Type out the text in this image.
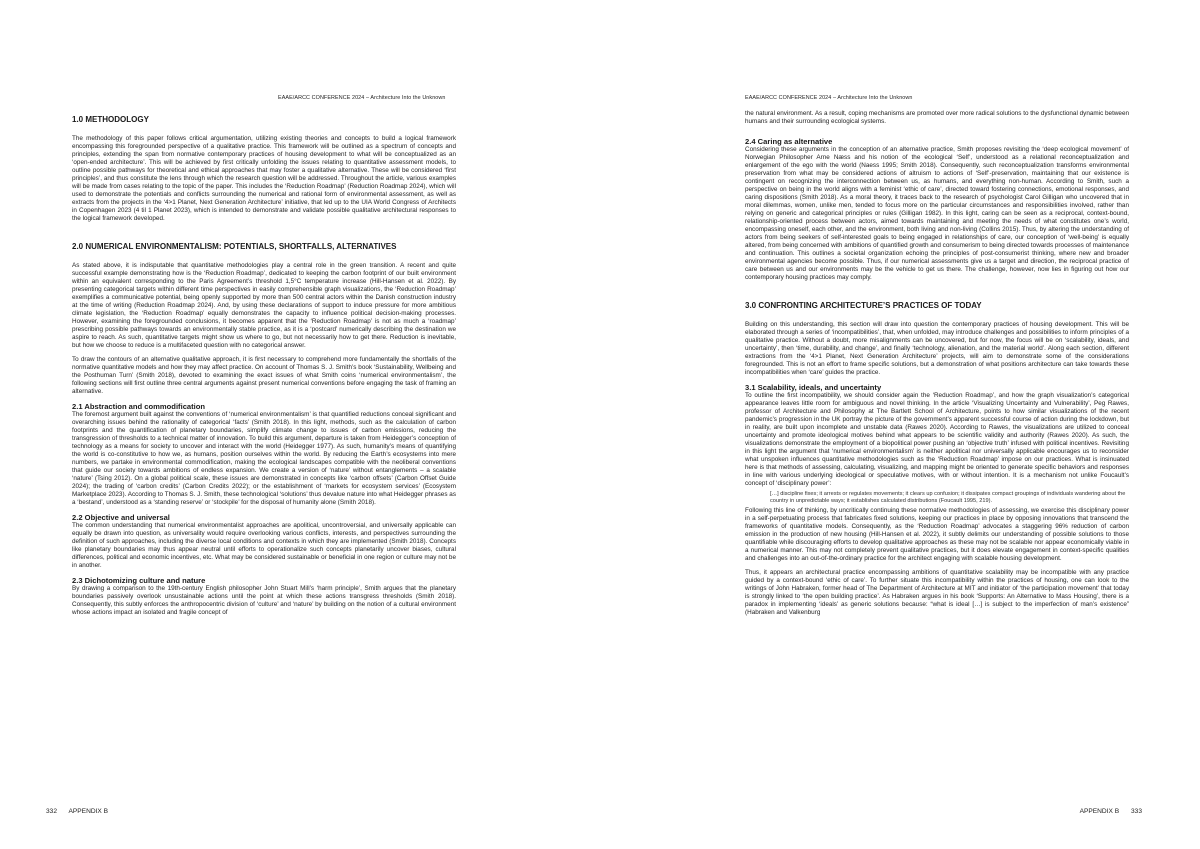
EAAE/ARCC CONFERENCE 2024 – Architecture Into the Unknown

1.0 METHODOLOGY

The methodology of this paper follows critical argumentation, utilizing existing theories and concepts to build a logical framework encompassing this foregrounded perspective of a qualitative practice. This framework will be outlined as a spectrum of concepts and principles, extending the span from normative contemporary practices of housing development to what will be conceptualized as an ‘open-ended architecture’. This will be achieved by first critically unfolding the issues relating to quantitative assessment models, to outline possible pathways for theoretical and ethical approaches that may foster a qualitative alternative. These will be considered ‘first principles’, and thus constitute the lens through which the research question will be addressed. Throughout the article, various examples will be made from cases relating to the topic of the paper. This includes the ‘Reduction Roadmap’ (Reduction Roadmap 2024), which will used to demonstrate the potentials and conflicts surrounding the numerical and rational form of environmental assessment, as well as extracts from the projects in the ‘4>1 Planet, Next Generation Architecture’ initiative, that led up to the UIA World Congress of Architects in Copenhagen 2023 (4 til 1 Planet 2023), which is intended to demonstrate and validate possible qualitative architectural responses to the logical framework developed.

2.0 NUMERICAL ENVIRONMENTALISM: POTENTIALS, SHORTFALLS, ALTERNATIVES

As stated above, it is indisputable that quantitative methodologies play a central role in the green transition. A recent and quite successful example demonstrating how is the ‘Reduction Roadmap’, dedicated to keeping the carbon footprint of our built environment within an equivalent corresponding to the Paris Agreement’s threshold 1,5°C temperature increase (Hill-Hansen et al. 2022). By presenting categorical targets within different time perspectives in easily comprehensible graph visualizations, the ‘Reduction Roadmap’ exemplifies a communicative potential, being openly supported by more than 500 central actors within the Danish construction industry at the time of writing (Reduction Roadmap 2024). And, by using these declarations of support to induce pressure for more ambitious climate legislation, the ‘Reduction Roadmap’ equally demonstrates the capacity to influence political decision-making processes. However, examining the foregrounded conclusions, it becomes apparent that the ‘Reduction Roadmap’ is not as much a ‘roadmap’ prescribing possible pathways towards an environmentally stable practice, as it is a ‘postcard’ numerically describing the destination we aspire to reach. As such, quantitative targets might show us where to go, but not necessarily how to get there. Reduction is inevitable, but how we choose to reduce is a multifaceted question with no categorical answer.

To draw the contours of an alternative qualitative approach, it is first necessary to comprehend more fundamentally the shortfalls of the normative quantitative models and how they may affect practice. On account of Thomas S. J. Smith’s book ‘Sustainability, Wellbeing and the Posthuman Turn’ (Smith 2018), devoted to examining the exact issues of what Smith coins ‘numerical environmentalism’, the following sections will first outline three central arguments against present numerical conventions before engaging the task of framing an alternative.

2.1 Abstraction and commodification

The foremost argument built against the conventions of ‘numerical environmentalism’ is that quantified reductions conceal significant and overarching issues behind the rationality of categorical ‘facts’ (Smith 2018). In this light, methods, such as the calculation of carbon footprints and the quantification of planetary boundaries, simplify climate change to issues of carbon emissions, reducing the transgression of thresholds to a technical matter of innovation. To build this argument, departure is taken from Heidegger’s conception of technology as a means for society to uncover and interact with the world (Heidegger 1977). As such, humanity’s means of quantifying the world is co-constitutive to how we, as humans, position ourselves within the world. By reducing the Earth’s ecosystems into mere numbers, we partake in environmental commodification, making the ecological landscapes compatible with the neoliberal conventions that guide our society towards ambitions of endless expansion. We create a version of ‘nature’ without entanglements – a scalable ‘nature’ (Tsing 2012). On a global political scale, these issues are demonstrated in concepts like ‘carbon offsets’ (Carbon Offset Guide 2024); the trading of ‘carbon credits’ (Carbon Credits 2022); or the establishment of ‘markets for ecosystem services’ (Ecosystem Marketplace 2023). According to Thomas S. J. Smith, these technological ‘solutions’ thus devalue nature into what Heidegger phrases as a ‘bestand’, understood as a ‘standing reserve’ or ‘stockpile’ for the disposal of humanity alone (Smith 2018).

2.2 Objective and universal

The common understanding that numerical environmentalist approaches are apolitical, uncontroversial, and universally applicable can equally be drawn into question, as universality would require overlooking various conflicts, interests, and perspectives surrounding the definition of such approaches, including the diverse local conditions and contexts in which they are implemented (Smith 2018). Concepts like planetary boundaries may thus appear neutral until efforts to operationalize such concepts planetarily uncover biases, cultural differences, political and economic incentives, etc. What may be considered sustainable or beneficial in one region or culture may not be in another.

2.3 Dichotomizing culture and nature

By drawing a comparison to the 19th-century English philosopher John Stuart Mill’s ‘harm principle’, Smith argues that the planetary boundaries passively overlook unsustainable actions until the point at which these actions transgress thresholds (Smith 2018). Consequently, this subtly enforces the anthropocentric division of ‘culture’ and ‘nature’ by building on the notion of a cultural environment whose actions impact an isolated and fragile concept of

332 APPENDIX B
EAAE/ARCC CONFERENCE 2024 – Architecture Into the Unknown

the natural environment. As a result, coping mechanisms are promoted over more radical solutions to the dysfunctional dynamic between humans and their surrounding ecological systems.

2.4 Caring as alternative

Considering these arguments in the conception of an alternative practice, Smith proposes revisiting the ‘deep ecological movement’ of Norwegian Philosopher Arne Næss and his notion of the ecological ‘Self’, understood as a relational reconceptualization and enlargement of the ego with the world (Naess 1995; Smith 2018). Consequently, such reconceptualization transforms environmental preservation from what may be considered actions of altruism to actions of ‘Self’-preservation, maintaining that our existence is contingent on recognizing the interconnection between us, as humans, and everything non-human. According to Smith, such a perspective on being in the world aligns with a feminist ‘ethic of care’, directed toward fostering connections, emotional responses, and caring dispositions (Smith 2018). As a moral theory, it traces back to the research of psychologist Carol Gilligan who uncovered that in moral dilemmas, women, unlike men, tended to focus more on the particular circumstances and responsibilities involved, rather than relying on generic and categorical principles or rules (Gilligan 1982). In this light, caring can be seen as a reciprocal, context-bound, relationship-oriented process between actors, aimed towards maintaining and meeting the needs of what constitutes one’s world, encompassing oneself, each other, and the environment, both living and non-living (Collins 2015). Thus, by altering the understanding of actors from being seekers of self-interested goals to being engaged in relationships of care, our conception of ‘well-being’ is equally altered, from being concerned with ambitions of quantified growth and consumerism to being directed towards processes of maintenance and continuation. This outlines a societal organization echoing the principles of post-consumerist thinking, where new and broader environmental agencies become possible. Thus, if our numerical assessments give us a target and direction, the reciprocal practice of care between us and our environments may be the vehicle to get us there. The challenge, however, now lies in figuring out how our contemporary housing practices may comply.

3.0 CONFRONTING ARCHITECTURE’S PRACTICES OF TODAY

Building on this understanding, this section will draw into question the contemporary practices of housing development. This will be elaborated through a series of ‘incompatibilities’, that, when unfolded, may introduce challenges and possibilities to inform principles of a qualitative practice. Without a doubt, more misalignments can be uncovered, but for now, the focus will be on ‘scalability, ideals, and uncertainty’, then ‘time, durability, and change’, and finally ‘technology, alienation, and the material world’. Along each section, different extractions from the ‘4>1 Planet, Next Generation Architecture’ projects, will aim to demonstrate some of the considerations foregrounded. This is not an effort to frame specific solutions, but a demonstration of what positions architecture can take towards these incompatibilities when ‘care’ guides the practice.

3.1 Scalability, ideals, and uncertainty

To outline the first incompatibility, we should consider again the ‘Reduction Roadmap’, and how the graph visualization’s categorical appearance leaves little room for ambiguous and novel thinking. In the article ‘Visualizing Uncertainty and Vulnerability’, Peg Rawes, professor of Architecture and Philosophy at The Bartlett School of Architecture, points to how similar visualizations of the recent pandemic’s progression in the UK portray the picture of the government’s apparent successful course of action during the lockdown, but in reality, are built upon incomplete and unstable data (Rawes 2020). According to Rawes, the visualizations are utilized to conceal uncertainty and promote ideological motives behind what appears to be scientific validity and authority (Rawes 2020). As such, the visualizations demonstrate the employment of a biopolitical power pushing an ‘objective truth’ infused with political incentives. Revisiting in this light the argument that ‘numerical environmentalism’ is neither apolitical nor universally applicable encourages us to reconsider what unspoken influences quantitative methodologies such as the ‘Reduction Roadmap’ impose on our practices. What is insinuated here is that methods of assessing, calculating, visualizing, and mapping might be oriented to generate specific behaviors and responses in line with various underlying ideological or speculative motives, with or without intention. It is a mechanism not unlike Foucault’s concept of ‘disciplinary power’:

[…] discipline fixes; it arrests or regulates movements; it clears up confusion; it dissipates compact groupings of individuals wandering about the country in unpredictable ways; it establishes calculated distributions (Foucault 1995, 219).

Following this line of thinking, by uncritically continuing these normative methodologies of assessing, we exercise this disciplinary power in a self-perpetuating process that fabricates fixed solutions, keeping our practices in place by opposing innovations that transcend the frameworks of quantitative models. Consequently, as the ‘Reduction Roadmap’ advocates a staggering 96% reduction of carbon emission in the production of new housing (Hill-Hansen et al. 2022), it subtly delimits our understanding of possible solutions to those quantifiable while discouraging efforts to develop qualitative approaches as these may not be scalable nor appear economically viable in a numerical manner. This may not completely prevent qualitative practices, but it does elevate engagement in context-specific qualities and challenges into an out-of-the-ordinary practice for the architect engaging with scalable housing development.

Thus, it appears an architectural practice encompassing ambitions of quantitative scalability may be incompatible with any practice guided by a context-bound ‘ethic of care’. To further situate this incompatibility within the practices of housing, one can look to the writings of John Habraken, former head of The Department of Architecture at MIT and initiator of ‘the participation movement’ that today is strongly linked to ‘the open building practice’. As Habraken argues in his book ‘Supports: An Alternative to Mass Housing’, there is a paradox in implementing ‘ideals’ as generic solutions because: “what is ideal […] is subject to the imperfection of man’s existence” (Habraken and Valkenburg

APPENDIX B 333
